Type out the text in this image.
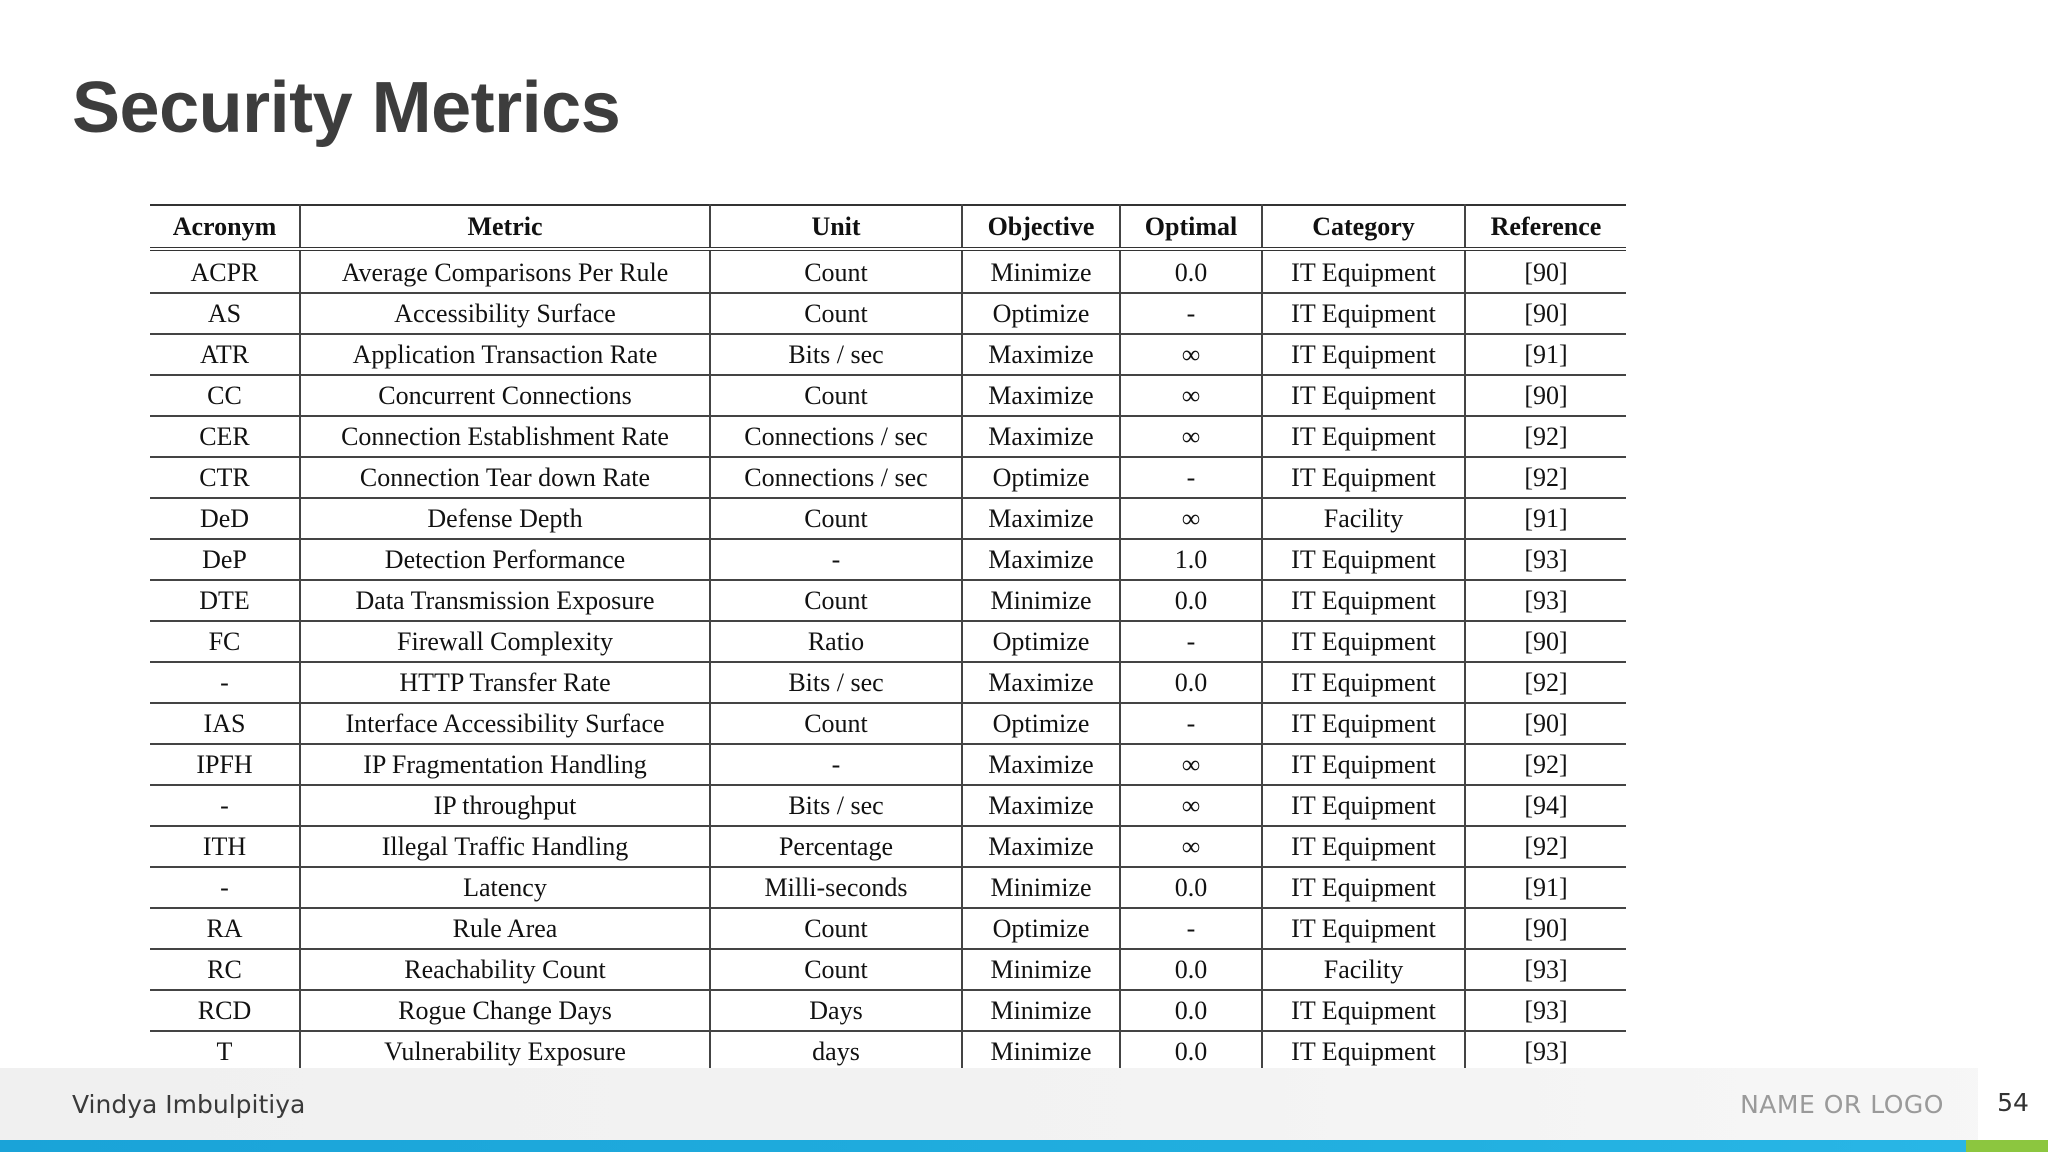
Security Metrics
Acronym	Metric	Unit	Objective	Optimal	Category	Reference
ACPR	Average Comparisons Per Rule	Count	Minimize	0.0	IT Equipment	[90]
AS	Accessibility Surface	Count	Optimize	-	IT Equipment	[90]
ATR	Application Transaction Rate	Bits / sec	Maximize	∞	IT Equipment	[91]
CC	Concurrent Connections	Count	Maximize	∞	IT Equipment	[90]
CER	Connection Establishment Rate	Connections / sec	Maximize	∞	IT Equipment	[92]
CTR	Connection Tear down Rate	Connections / sec	Optimize	-	IT Equipment	[92]
DeD	Defense Depth	Count	Maximize	∞	Facility	[91]
DeP	Detection Performance	-	Maximize	1.0	IT Equipment	[93]
DTE	Data Transmission Exposure	Count	Minimize	0.0	IT Equipment	[93]
FC	Firewall Complexity	Ratio	Optimize	-	IT Equipment	[90]
-	HTTP Transfer Rate	Bits / sec	Maximize	0.0	IT Equipment	[92]
IAS	Interface Accessibility Surface	Count	Optimize	-	IT Equipment	[90]
IPFH	IP Fragmentation Handling	-	Maximize	∞	IT Equipment	[92]
-	IP throughput	Bits / sec	Maximize	∞	IT Equipment	[94]
ITH	Illegal Traffic Handling	Percentage	Maximize	∞	IT Equipment	[92]
-	Latency	Milli-seconds	Minimize	0.0	IT Equipment	[91]
RA	Rule Area	Count	Optimize	-	IT Equipment	[90]
RC	Reachability Count	Count	Minimize	0.0	Facility	[93]
RCD	Rogue Change Days	Days	Minimize	0.0	IT Equipment	[93]
T	Vulnerability Exposure	days	Minimize	0.0	IT Equipment	[93]
Vindya Imbulpitiya	NAME OR LOGO	54
